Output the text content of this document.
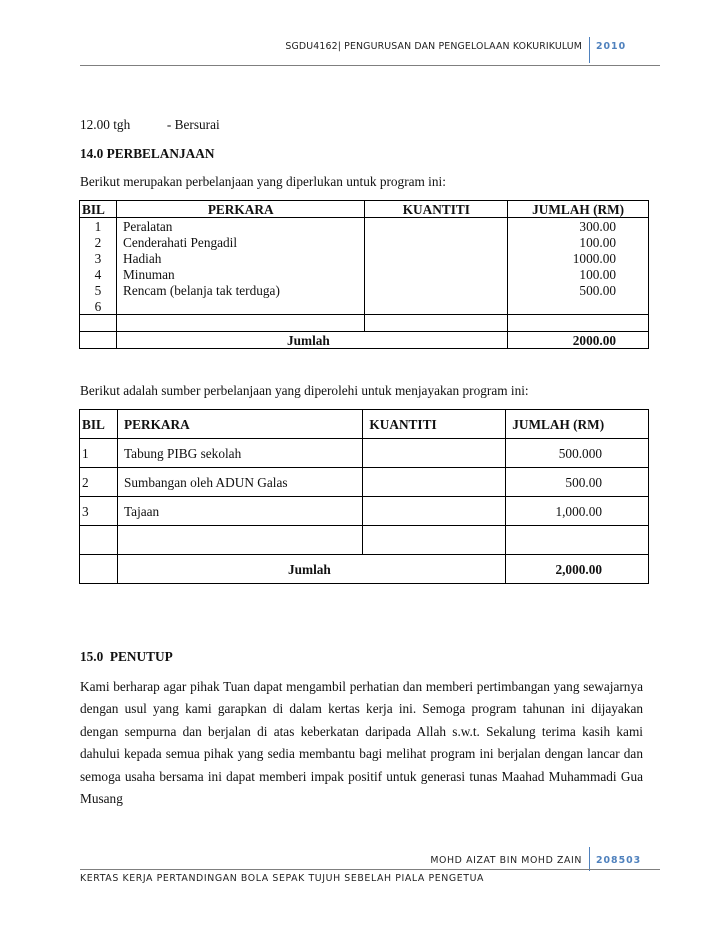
SGDU4162| PENGURUSAN DAN PENGELOLAAN KOKURIKULUM 2010
12.00 tgh	- Bersurai
14.0 PERBELANJAAN
Berikut merupakan perbelanjaan yang diperlukan untuk program ini:
BIL	PERKARA	KUANTITI	JUMLAH (RM)
1	Peralatan		300.00
2	Cenderahati Pengadil		100.00
3	Hadiah		1000.00
4	Minuman		100.00
5	Rencam (belanja tak terduga)		500.00
6			

	Jumlah		2000.00
Berikut adalah sumber perbelanjaan yang diperolehi untuk menjayakan program ini:
BIL	PERKARA	KUANTITI	JUMLAH (RM)
1	Tabung PIBG sekolah		500.000
2	Sumbangan oleh ADUN Galas		500.00
3	Tajaan		1,000.00

	Jumlah		2,000.00
15.0  PENUTUP
Kami berharap agar pihak Tuan dapat mengambil perhatian dan memberi pertimbangan yang sewajarnya dengan usul yang kami garapkan di dalam kertas kerja ini. Semoga program tahunan ini dijayakan dengan sempurna dan berjalan di atas keberkatan daripada Allah s.w.t. Sekalung terima kasih kami dahului kepada semua pihak yang sedia membantu bagi melihat program ini berjalan dengan lancar dan semoga usaha bersama ini dapat memberi impak positif untuk generasi tunas Maahad Muhammadi Gua Musang
MOHD AIZAT BIN MOHD ZAIN 208503
KERTAS KERJA PERTANDINGAN BOLA SEPAK TUJUH SEBELAH PIALA PENGETUA
